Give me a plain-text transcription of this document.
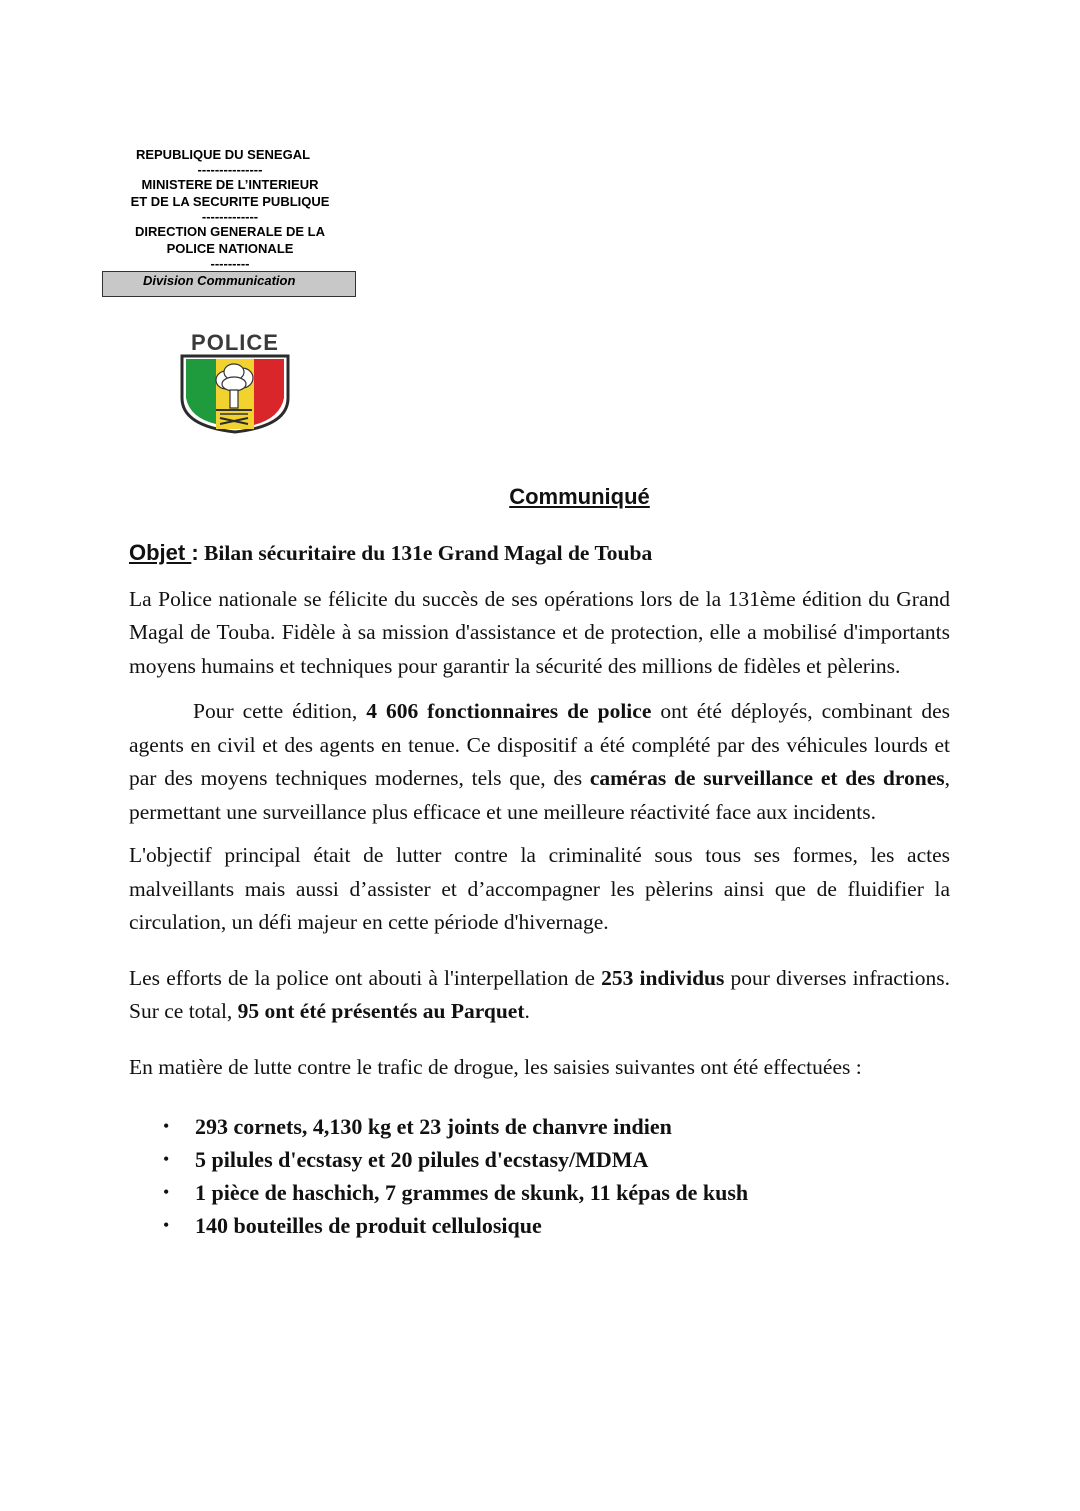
REPUBLIQUE DU SENEGAL
---------------
MINISTERE DE L’INTERIEUR
ET DE LA SECURITE PUBLIQUE
-------------
DIRECTION GENERALE DE LA
POLICE NATIONALE
---------
Division Communication
POLICE
Communiqué
Objet : Bilan sécuritaire du 131e Grand Magal de Touba

La Police nationale se félicite du succès de ses opérations lors de la 131ème édition du Grand Magal de Touba. Fidèle à sa mission d'assistance et de protection, elle a mobilisé d'importants moyens humains et techniques pour garantir la sécurité des millions de fidèles et pèlerins.

Pour cette édition, 4 606 fonctionnaires de police ont été déployés, combinant des agents en civil et des agents en tenue. Ce dispositif a été complété par des véhicules lourds et par des moyens techniques modernes, tels que, des caméras de surveillance et des drones, permettant une surveillance plus efficace et une meilleure réactivité face aux incidents.

L'objectif principal était de lutter contre la criminalité sous tous ses formes, les actes malveillants mais aussi d’assister et d’accompagner les pèlerins ainsi que de fluidifier la circulation, un défi majeur en cette période d'hivernage.

Les efforts de la police ont abouti à l'interpellation de 253 individus pour diverses infractions. Sur ce total, 95 ont été présentés au Parquet.

En matière de lutte contre le trafic de drogue, les saisies suivantes ont été effectuées :

• 293 cornets, 4,130 kg et 23 joints de chanvre indien
• 5 pilules d'ecstasy et 20 pilules d'ecstasy/MDMA
• 1 pièce de haschich, 7 grammes de skunk, 11 képas de kush
• 140 bouteilles de produit cellulosique
